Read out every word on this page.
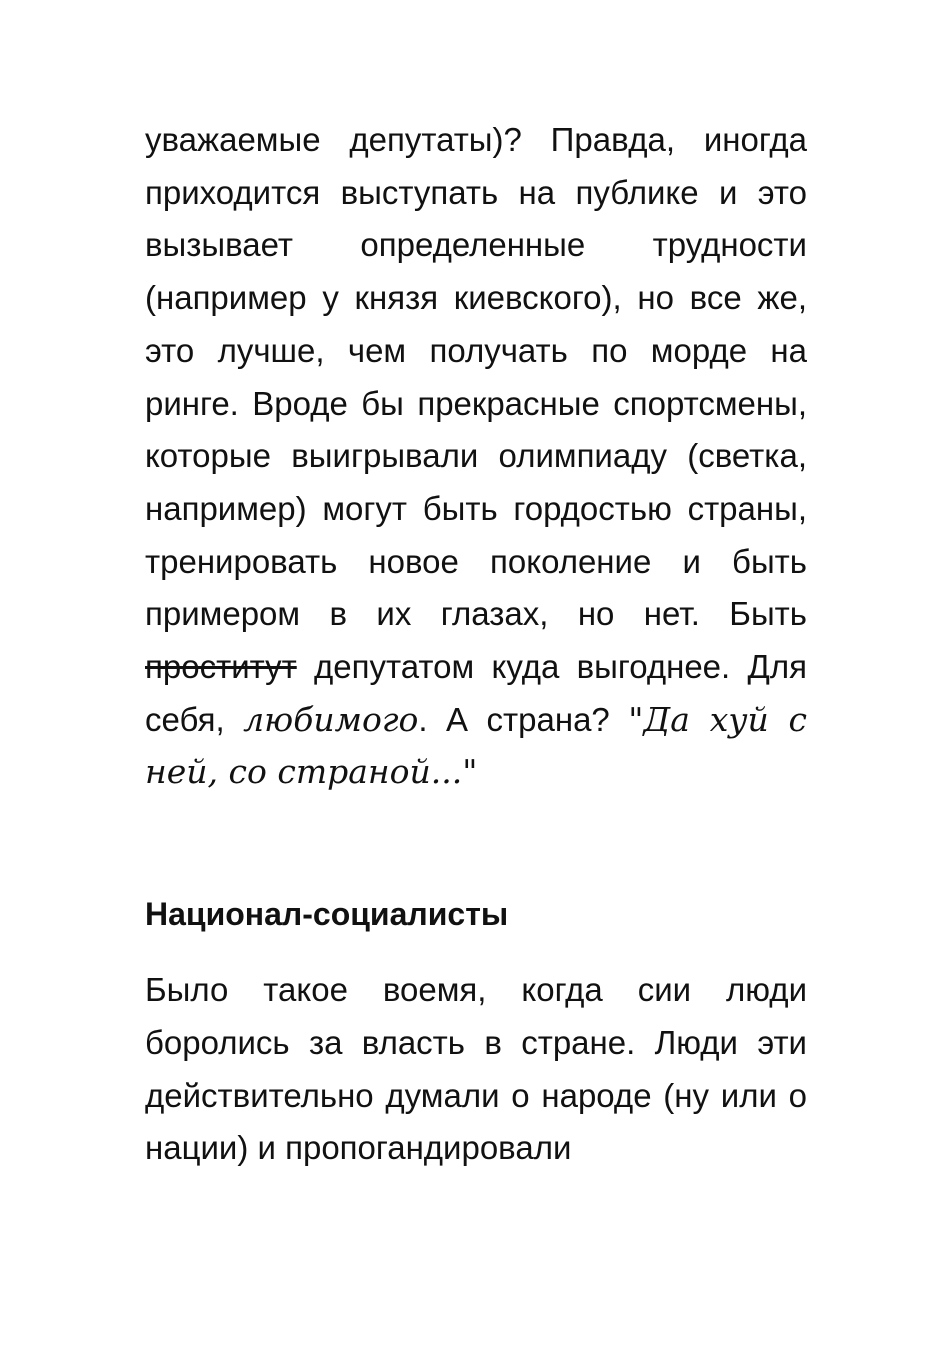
уважаемые депутаты)? Правда, иногда приходится выступать на публике и это вызывает определенные трудности (например у князя киевского), но все же, это лучше, чем получать по морде на ринге. Вроде бы прекрасные спортсмены, которые выигрывали олимпиаду (светка, например) могут быть гордостью страны, тренировать новое поколение и быть примером в их глазах, но нет. Быть проститут депутатом куда выгоднее. Для себя, любимого. А страна? "Да хуй с ней, со страной..."

Национал-социалисты

Было такое воемя, когда сии люди боролись за власть в стране. Люди эти действительно думали о народе (ну или о нации) и пропогандировали
